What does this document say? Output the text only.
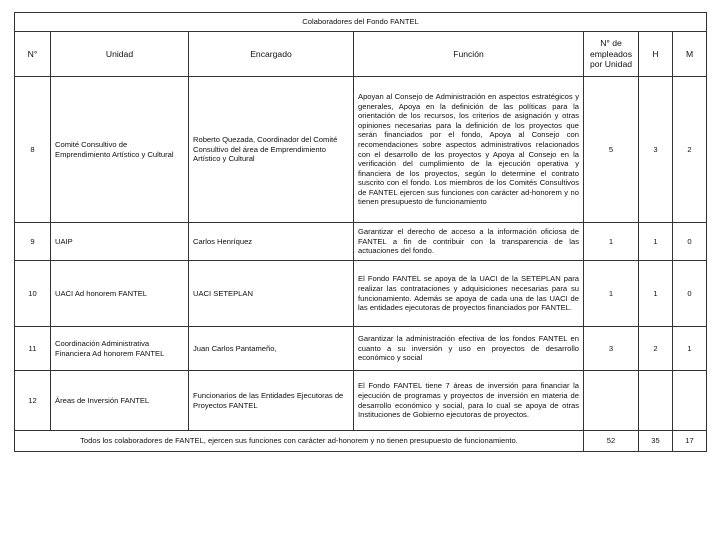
Colaboradores del Fondo FANTEL						
N°	Unidad	Encargado	Función	N° de empleados por Unidad	H	M
8	Comité Consultivo de Emprendimiento Artístico y Cultural	Roberto Quezada, Coordinador del Comité Consultivo del área de Emprendimiento Artístico y Cultural	Apoyan al Consejo de Administración en aspectos estratégicos y generales, Apoya en la definición de las políticas para la orientación de los recursos, los criterios de asignación y otras opiniones necesarias para la definición de los proyectos que serán financiados por el fondo, Apoya al Consejo con recomendaciones sobre aspectos administrativos relacionados con el desarrollo de los proyectos y Apoya al Consejo en la verificación del cumplimiento de la ejecución operativa y financiera de los proyectos, según lo determine el contrato suscrito con el fondo. Los miembros de los Comités Consultivos de FANTEL ejercen sus funciones con carácter ad-honorem y no tienen presupuesto de funcionamiento	5	3	2
9	UAIP	Carlos Henríquez	Garantizar el derecho de acceso a la información oficiosa de FANTEL a fin de contribuir con la transparencia de las actuaciones del fondo.	1	1	0
10	UACI Ad honorem FANTEL	UACI SETEPLAN	El Fondo FANTEL se apoya de la UACI de la SETEPLAN para realizar las contrataciones y adquisiciones necesarias para su funcionamiento. Además se apoya de cada una de las UACI de las entidades ejecutoras de proyectos financiados por FANTEL.	1	1	0
11	Coordinación Administrativa Financiera Ad honorem FANTEL	Juan Carlos Pantameño,	Garantizar la administración efectiva de los fondos FANTEL en cuanto a su inversión y uso en proyectos de desarrollo económico y social	3	2	1
12	Áreas de Inversión FANTEL	Funcionarios de las Entidades Ejecutoras de Proyectos FANTEL	El Fondo FANTEL tiene 7 áreas de inversión para financiar la ejecución de programas y proyectos de inversión en materia de desarrollo económico y social, para lo cual se apoya de otras Instituciones de Gobierno ejecutoras de proyectos.			
Todos los colaboradores de FANTEL, ejercen sus funciones con carácter ad-honorem y no tienen presupuesto de funcionamiento.				52	35	17
